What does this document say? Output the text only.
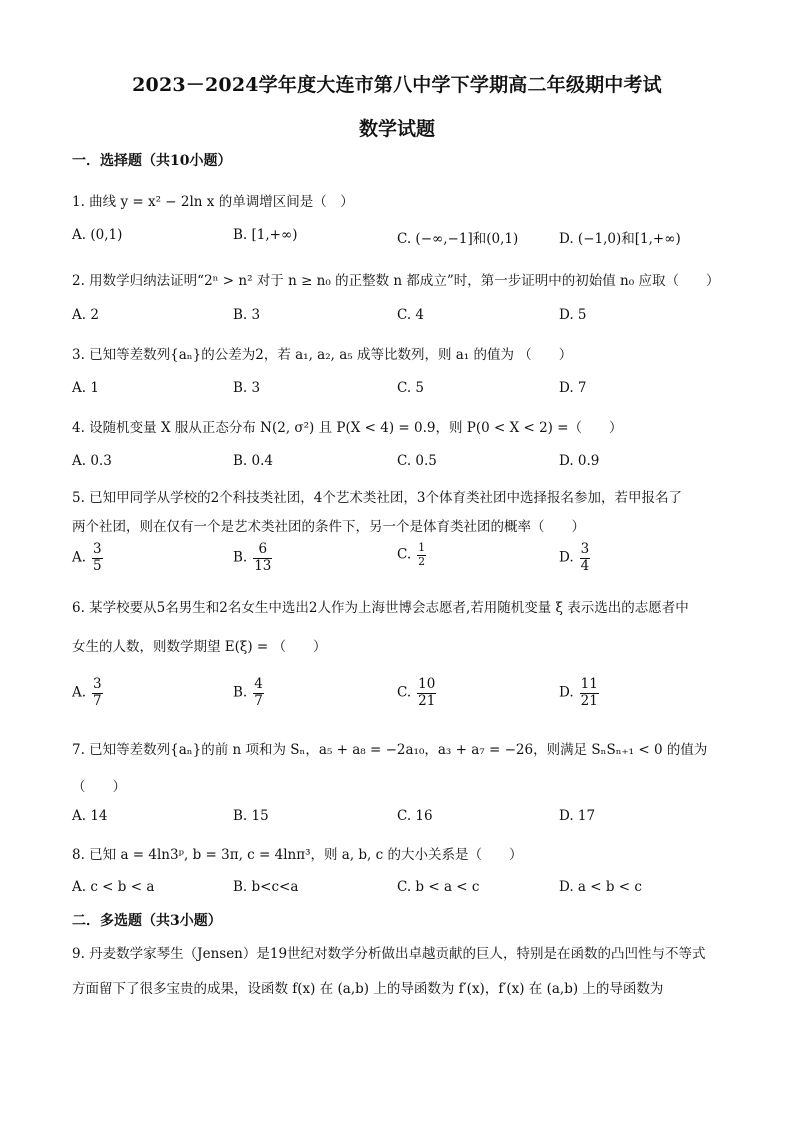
2023－2024学年度大连市第八中学下学期高二年级期中考试
数学试题
一．选择题（共10小题）
1. 曲线 y = x² − 2ln x 的单调增区间是（　）
A. (0,1)	B. [1,+∞)	C. (−∞,−1]和(0,1)	D. (−1,0)和[1,+∞)
2. 用数学归纳法证明“2ⁿ > n² 对于 n ≥ n₀ 的正整数 n 都成立”时，第一步证明中的初始值 n₀ 应取（　　）
A. 2	B. 3	C. 4	D. 5
3. 已知等差数列{aₙ}的公差为2，若 a₁, a₂, a₅ 成等比数列，则 a₁ 的值为 （　　）
A. 1	B. 3	C. 5	D. 7
4. 设随机变量 X 服从正态分布 N(2, σ²) 且 P(X < 4) = 0.9，则 P(0 < X < 2) =（　　）
A. 0.3	B. 0.4	C. 0.5	D. 0.9
5. 已知甲同学从学校的2个科技类社团，4个艺术类社团，3个体育类社团中选择报名参加，若甲报名了
两个社团，则在仅有一个是艺术类社团的条件下，另一个是体育类社团的概率（　　）
A. $\frac{3}{5}$	B. $\frac{6}{13}$	C. $\frac{1}{2}$	D. $\frac{3}{4}$
6. 某学校要从5名男生和2名女生中选出2人作为上海世博会志愿者,若用随机变量 ξ 表示选出的志愿者中
女生的人数，则数学期望 E(ξ) = （　　）
A. $\frac{3}{7}$	B. $\frac{4}{7}$	C. $\frac{10}{21}$	D. $\frac{11}{21}$
7. 已知等差数列{aₙ}的前 n 项和为 Sₙ，a₅ + a₈ = −2a₁₀，a₃ + a₇ = −26，则满足 SₙSₙ₊₁ < 0 的值为
（　　）
A. 14	B. 15	C. 16	D. 17
8. 已知 a = 4ln3ᵖ, b = 3π, c = 4lnπ³，则 a, b, c 的大小关系是（　　）
A. c < b < a	B. b<c<a	C. b < a < c	D. a < b < c
二．多选题（共3小题）
9. 丹麦数学家琴生（Jensen）是19世纪对数学分析做出卓越贡献的巨人，特别是在函数的凸凹性与不等式
方面留下了很多宝贵的成果，设函数 f(x) 在 (a,b) 上的导函数为 f′(x)，f′(x) 在 (a,b) 上的导函数为
